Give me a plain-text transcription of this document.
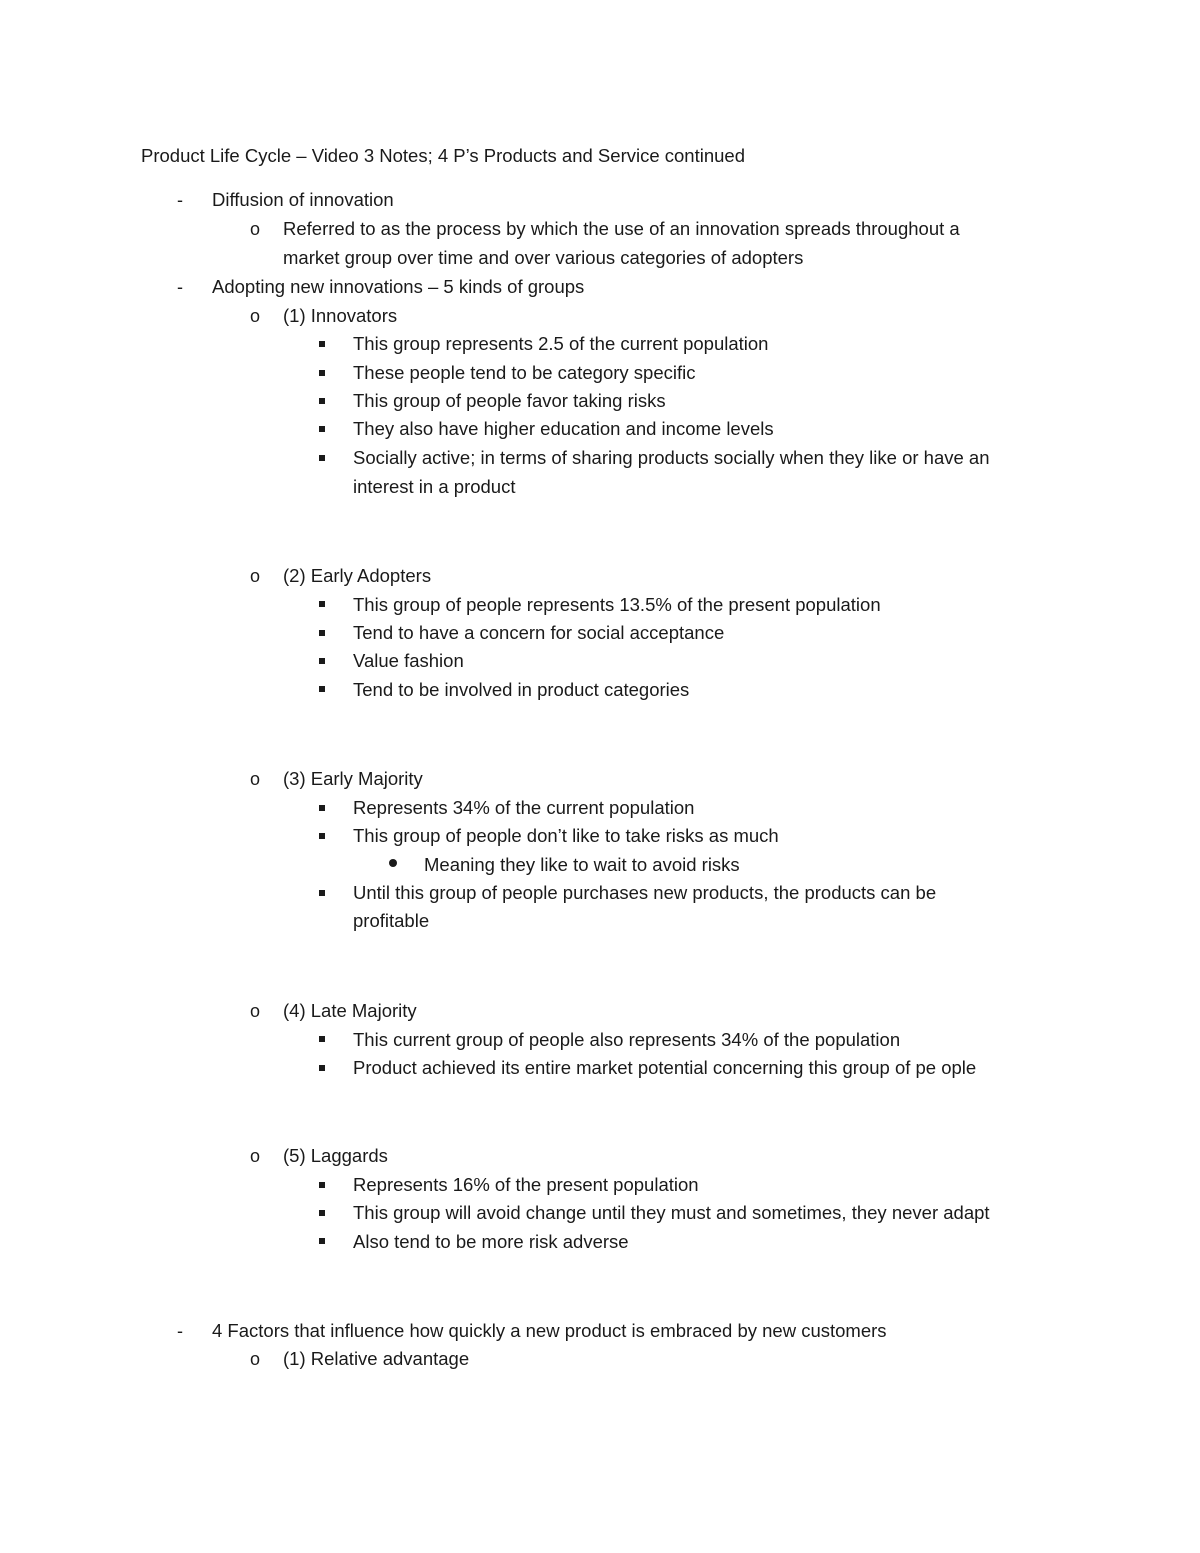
Product Life Cycle – Video 3 Notes; 4 P’s Products and Service continued

- Diffusion of innovation

o Referred to as the process by which the use of an innovation spreads throughout a

market group over time and over various categories of adopters

- Adopting new innovations – 5 kinds of groups

o (1) Innovators

This group represents 2.5 of the current population

These people tend to be category specific

This group of people favor taking risks

They also have higher education and income levels

Socially active; in terms of sharing products socially when they like or have an

interest in a product

o (2) Early Adopters

This group of people represents 13.5% of the present population

Tend to have a concern for social acceptance

Value fashion

Tend to be involved in product categories

o (3) Early Majority

Represents 34% of the current population

This group of people don’t like to take risks as much

Meaning they like to wait to avoid risks

Until this group of people purchases new products, the products can be

profitable

o (4) Late Majority

This current group of people also represents 34% of the population

Product achieved its entire market potential concerning this group of pe ople

o (5) Laggards

Represents 16% of the present population

This group will avoid change until they must and sometimes, they never adapt

Also tend to be more risk adverse

- 4 Factors that influence how quickly a new product is embraced by new customers

o (1) Relative advantage
